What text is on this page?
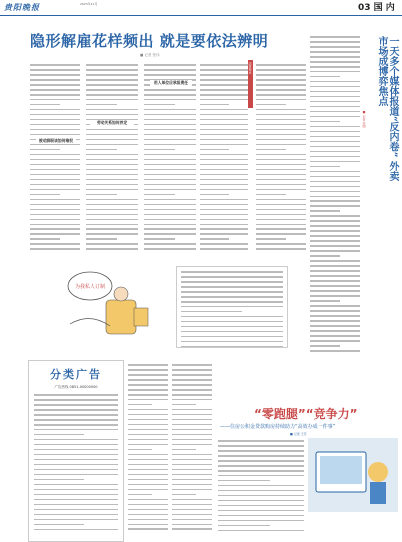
贵阳晚报	2023年11月	03 国 内
隐形解雇花样频出 就是要依法辨明
■ 记者 张伟
被动辞职该如何维权
劳动关系如何界定
用人单位应承担责任
法律视点	一天多个媒体报道“反内卷” 外卖市场成博弈焦点
■ 记者 李明
为我私人订制
分类广告
广告热线 0851-00000000
“零跑腿”“竞争力”
——住房公积金贷款购房持续助力“高效办成一件事”
■ 记者 王芳
